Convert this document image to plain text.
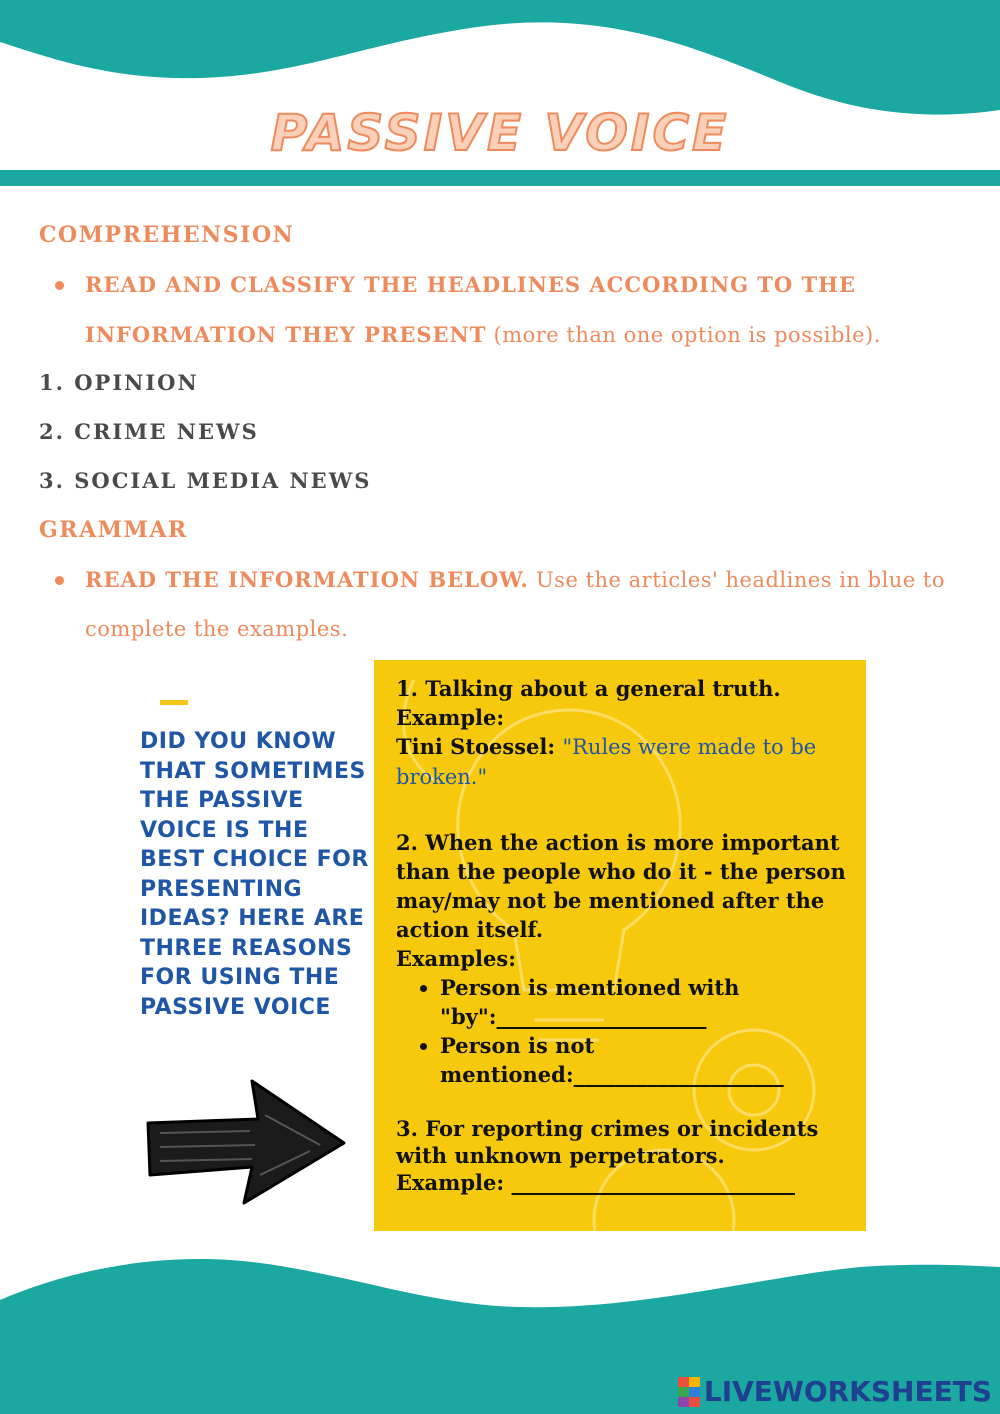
PASSIVE VOICE
COMPREHENSION
READ AND CLASSIFY THE HEADLINES ACCORDING TO THE INFORMATION THEY PRESENT (more than one option is possible).

1. OPINION

2. CRIME NEWS

3. SOCIAL MEDIA NEWS

GRAMMAR
READ THE INFORMATION BELOW. Use the articles' headlines in blue to complete the examples.
DID YOU KNOW THAT SOMETIMES THE PASSIVE VOICE IS THE BEST CHOICE FOR PRESENTING IDEAS? HERE ARE THREE REASONS FOR USING THE PASSIVE VOICE

1. Talking about a general truth.

Example:

Tini Stoessel: "Rules were made to be broken."

2. When the action is more important than the people who do it - the person may/may not be mentioned after the action itself.

Examples:

• Person is mentioned with "by":____________________
• Person is not mentioned:____________________

3. For reporting crimes or incidents with unknown perpetrators.

Example: ___________________________

LIVEWORKSHEETS
